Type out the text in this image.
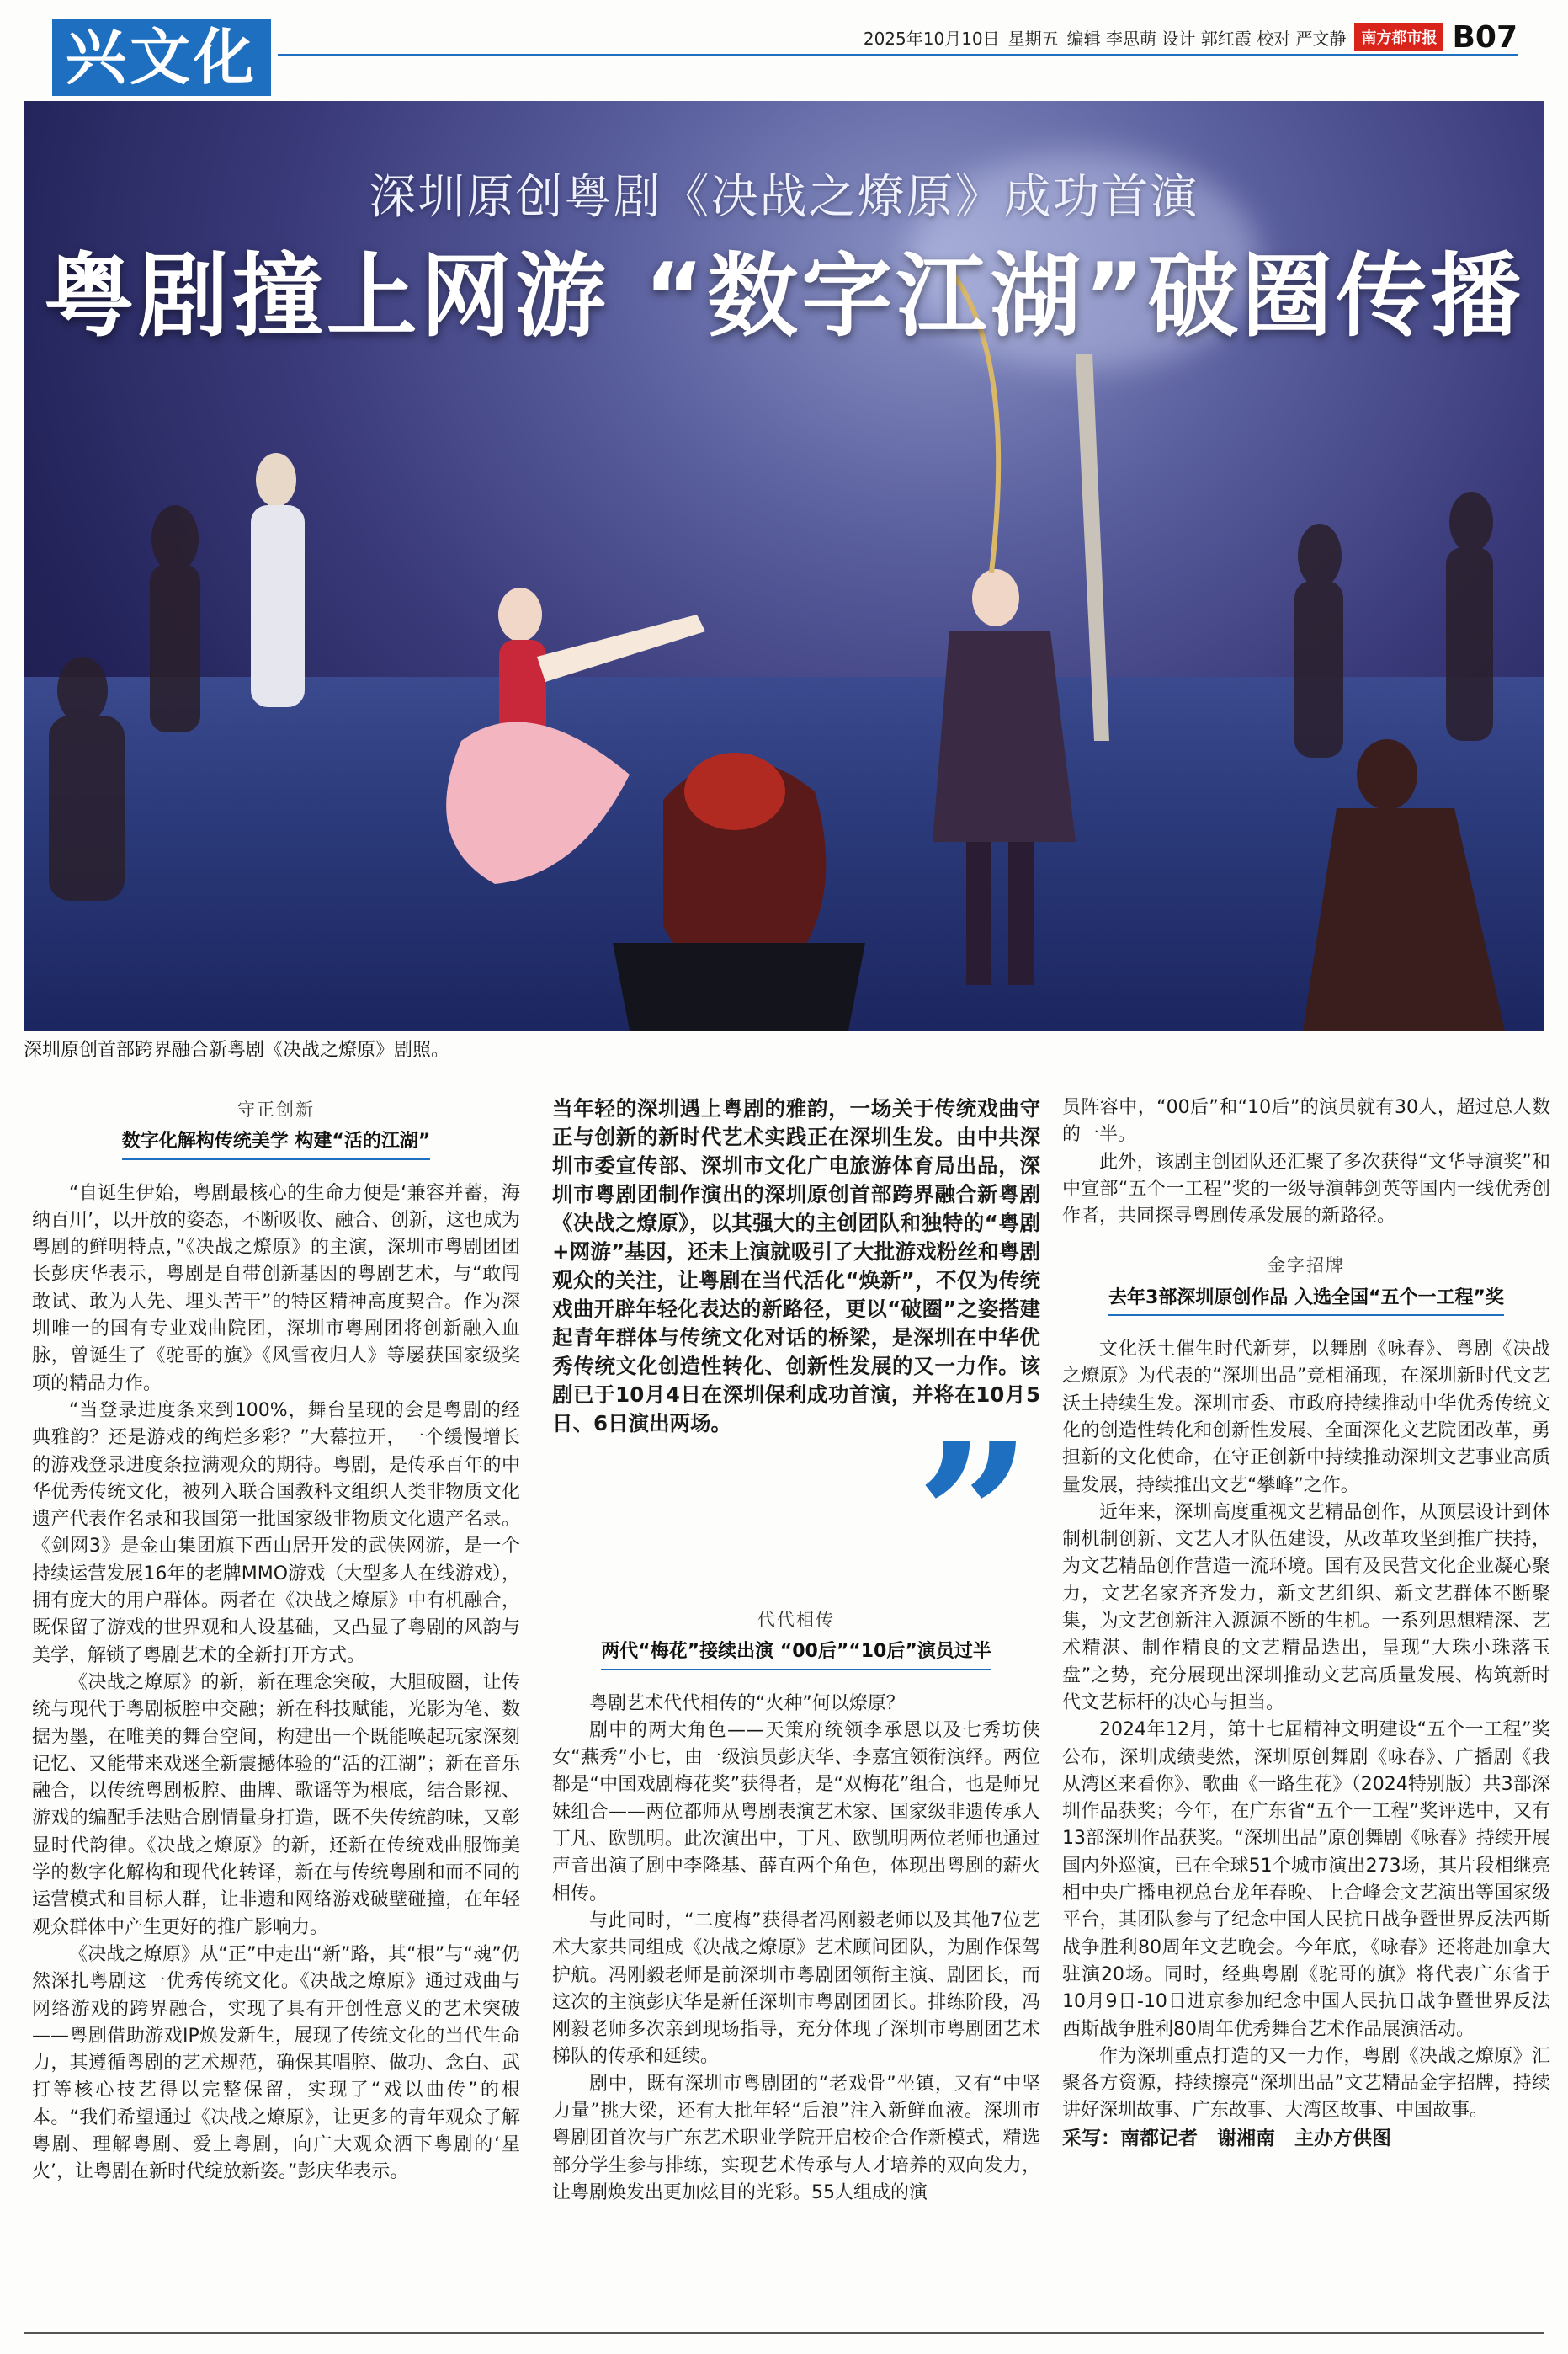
兴文化	2025年10月10日 星期五 编辑 李思萌 设计 郭红霞 校对 严文静	南方都市报 B07
深圳原创粤剧《决战之燎原》成功首演
粤剧撞上网游 “数字江湖”破圈传播
深圳原创首部跨界融合新粤剧《决战之燎原》剧照。
守正创新
数字化解构传统美学 构建“活的江湖”

“自诞生伊始，粤剧最核心的生命力便是‘兼容并蓄，海纳百川’，以开放的姿态，不断吸收、融合、创新，这也成为粤剧的鲜明特点，”《决战之燎原》的主演，深圳市粤剧团团长彭庆华表示，粤剧是自带创新基因的粤剧艺术，与“敢闯敢试、敢为人先、埋头苦干”的特区精神高度契合。作为深圳唯一的国有专业戏曲院团，深圳市粤剧团将创新融入血脉，曾诞生了《驼哥的旗》《风雪夜归人》等屡获国家级奖项的精品力作。

“当登录进度条来到100%，舞台呈现的会是粤剧的经典雅韵？还是游戏的绚烂多彩？”大幕拉开，一个缓慢增长的游戏登录进度条拉满观众的期待。粤剧，是传承百年的中华优秀传统文化，被列入联合国教科文组织人类非物质文化遗产代表作名录和我国第一批国家级非物质文化遗产名录。《剑网3》是金山集团旗下西山居开发的武侠网游，是一个持续运营发展16年的老牌MMO游戏（大型多人在线游戏），拥有庞大的用户群体。两者在《决战之燎原》中有机融合，既保留了游戏的世界观和人设基础，又凸显了粤剧的风韵与美学，解锁了粤剧艺术的全新打开方式。

《决战之燎原》的新，新在理念突破，大胆破圈，让传统与现代于粤剧板腔中交融；新在科技赋能，光影为笔、数据为墨，在唯美的舞台空间，构建出一个既能唤起玩家深刻记忆、又能带来戏迷全新震撼体验的“活的江湖”；新在音乐融合，以传统粤剧板腔、曲牌、歌谣等为根底，结合影视、游戏的编配手法贴合剧情量身打造，既不失传统韵味，又彰显时代韵律。《决战之燎原》的新，还新在传统戏曲服饰美学的数字化解构和现代化转译，新在与传统粤剧和而不同的运营模式和目标人群，让非遗和网络游戏破壁碰撞，在年轻观众群体中产生更好的推广影响力。

《决战之燎原》从“正”中走出“新”路，其“根”与“魂”仍然深扎粤剧这一优秀传统文化。《决战之燎原》通过戏曲与网络游戏的跨界融合，实现了具有开创性意义的艺术突破——粤剧借助游戏IP焕发新生，展现了传统文化的当代生命力，其遵循粤剧的艺术规范，确保其唱腔、做功、念白、武打等核心技艺得以完整保留，实现了“戏以曲传”的根本。“我们希望通过《决战之燎原》，让更多的青年观众了解粤剧、理解粤剧、爱上粤剧，向广大观众洒下粤剧的‘星火’，让粤剧在新时代绽放新姿。”彭庆华表示。

当年轻的深圳遇上粤剧的雅韵，一场关于传统戏曲守正与创新的新时代艺术实践正在深圳生发。由中共深圳市委宣传部、深圳市文化广电旅游体育局出品，深圳市粤剧团制作演出的深圳原创首部跨界融合新粤剧《决战之燎原》，以其强大的主创团队和独特的“粤剧+网游”基因，还未上演就吸引了大批游戏粉丝和粤剧观众的关注，让粤剧在当代活化“焕新”，不仅为传统戏曲开辟年轻化表达的新路径，更以“破圈”之姿搭建起青年群体与传统文化对话的桥梁，是深圳在中华优秀传统文化创造性转化、创新性发展的又一力作。该剧已于10月4日在深圳保利成功首演，并将在10月5日、6日演出两场。 ”
代代相传
两代“梅花”接续出演 “00后”“10后”演员过半

粤剧艺术代代相传的“火种”何以燎原？

剧中的两大角色——天策府统领李承恩以及七秀坊侠女“燕秀”小七，由一级演员彭庆华、李嘉宜领衔演绎。两位都是“中国戏剧梅花奖”获得者，是“双梅花”组合，也是师兄妹组合——两位都师从粤剧表演艺术家、国家级非遗传承人丁凡、欧凯明。此次演出中，丁凡、欧凯明两位老师也通过声音出演了剧中李隆基、薛直两个角色，体现出粤剧的薪火相传。

与此同时，“二度梅”获得者冯刚毅老师以及其他7位艺术大家共同组成《决战之燎原》艺术顾问团队，为剧作保驾护航。冯刚毅老师是前深圳市粤剧团领衔主演、剧团长，而这次的主演彭庆华是新任深圳市粤剧团团长。排练阶段，冯刚毅老师多次亲到现场指导，充分体现了深圳市粤剧团艺术梯队的传承和延续。

剧中，既有深圳市粤剧团的“老戏骨”坐镇，又有“中坚力量”挑大梁，还有大批年轻“后浪”注入新鲜血液。深圳市粤剧团首次与广东艺术职业学院开启校企合作新模式，精选部分学生参与排练，实现艺术传承与人才培养的双向发力，让粤剧焕发出更加炫目的光彩。55人组成的演

员阵容中，“00后”和“10后”的演员就有30人，超过总人数的一半。

此外，该剧主创团队还汇聚了多次获得“文华导演奖”和中宣部“五个一工程”奖的一级导演韩剑英等国内一线优秀创作者，共同探寻粤剧传承发展的新路径。

金字招牌
去年3部深圳原创作品 入选全国“五个一工程”奖

文化沃土催生时代新芽，以舞剧《咏春》、粤剧《决战之燎原》为代表的“深圳出品”竞相涌现，在深圳新时代文艺沃土持续生发。深圳市委、市政府持续推动中华优秀传统文化的创造性转化和创新性发展、全面深化文艺院团改革，勇担新的文化使命，在守正创新中持续推动深圳文艺事业高质量发展，持续推出文艺“攀峰”之作。

近年来，深圳高度重视文艺精品创作，从顶层设计到体制机制创新、文艺人才队伍建设，从改革攻坚到推广扶持，为文艺精品创作营造一流环境。国有及民营文化企业凝心聚力，文艺名家齐齐发力，新文艺组织、新文艺群体不断聚集，为文艺创新注入源源不断的生机。一系列思想精深、艺术精湛、制作精良的文艺精品迭出，呈现“大珠小珠落玉盘”之势，充分展现出深圳推动文艺高质量发展、构筑新时代文艺标杆的决心与担当。

2024年12月，第十七届精神文明建设“五个一工程”奖公布，深圳成绩斐然，深圳原创舞剧《咏春》、广播剧《我从湾区来看你》、歌曲《一路生花》（2024特别版）共3部深圳作品获奖；今年，在广东省“五个一工程”奖评选中，又有13部深圳作品获奖。“深圳出品”原创舞剧《咏春》持续开展国内外巡演，已在全球51个城市演出273场，其片段相继亮相中央广播电视总台龙年春晚、上合峰会文艺演出等国家级平台，其团队参与了纪念中国人民抗日战争暨世界反法西斯战争胜利80周年文艺晚会。今年底，《咏春》还将赴加拿大驻演20场。同时，经典粤剧《驼哥的旗》将代表广东省于10月9日-10日进京参加纪念中国人民抗日战争暨世界反法西斯战争胜利80周年优秀舞台艺术作品展演活动。

作为深圳重点打造的又一力作，粤剧《决战之燎原》汇聚各方资源，持续擦亮“深圳出品”文艺精品金字招牌，持续讲好深圳故事、广东故事、大湾区故事、中国故事。

采写：南都记者　谢湘南　主办方供图
